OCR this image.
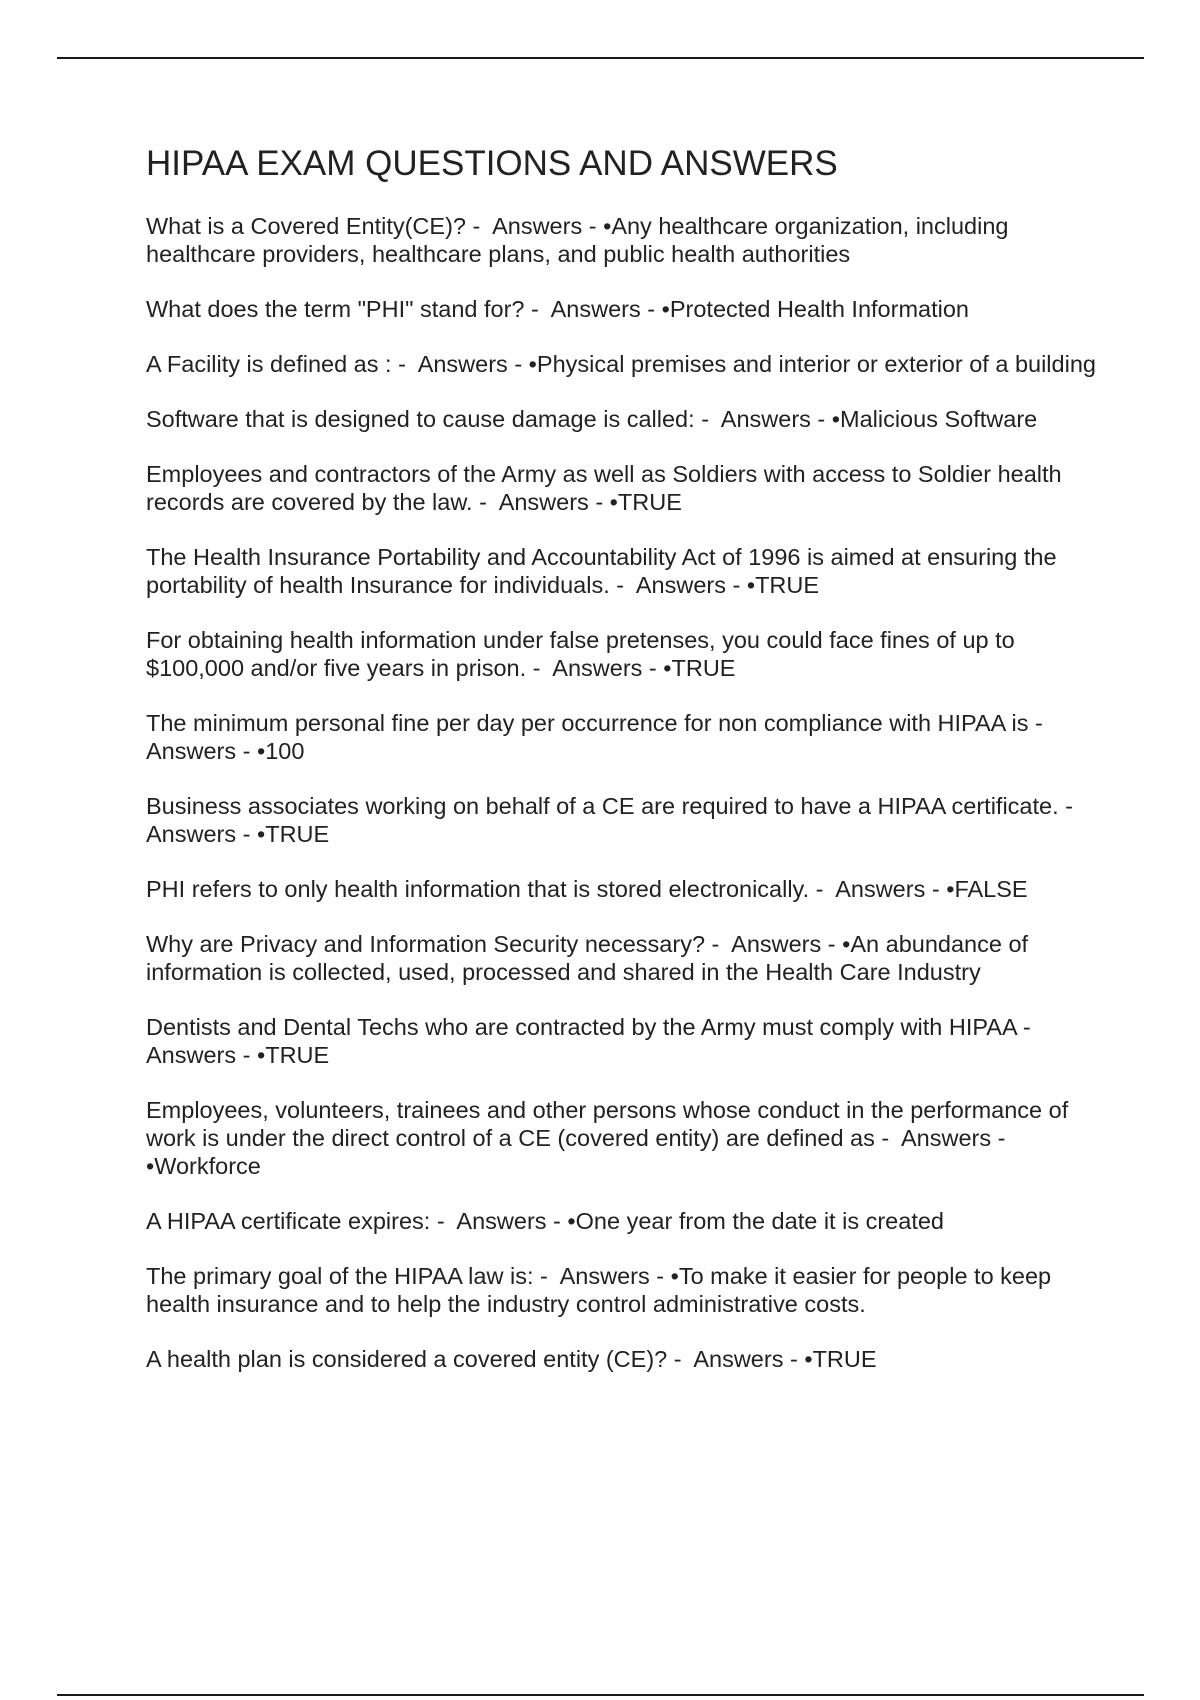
HIPAA EXAM QUESTIONS AND ANSWERS

What is a Covered Entity(CE)? - Answers - •Any healthcare organization, including healthcare providers, healthcare plans, and public health authorities

What does the term "PHI" stand for? - Answers - •Protected Health Information

A Facility is defined as : - Answers - •Physical premises and interior or exterior of a building

Software that is designed to cause damage is called: - Answers - •Malicious Software

Employees and contractors of the Army as well as Soldiers with access to Soldier health records are covered by the law. - Answers - •TRUE

The Health Insurance Portability and Accountability Act of 1996 is aimed at ensuring the portability of health Insurance for individuals. - Answers - •TRUE

For obtaining health information under false pretenses, you could face fines of up to $100,000 and/or five years in prison. - Answers - •TRUE

The minimum personal fine per day per occurrence for non compliance with HIPAA is - Answers - •100

Business associates working on behalf of a CE are required to have a HIPAA certificate. -  Answers - •TRUE

PHI refers to only health information that is stored electronically. - Answers - •FALSE

Why are Privacy and Information Security necessary? - Answers - •An abundance of information is collected, used, processed and shared in the Health Care Industry

Dentists and Dental Techs who are contracted by the Army must comply with HIPAA - Answers - •TRUE

Employees, volunteers, trainees and other persons whose conduct in the performance of work is under the direct control of a CE (covered entity) are defined as - Answers - •Workforce

A HIPAA certificate expires: - Answers - •One year from the date it is created

The primary goal of the HIPAA law is: - Answers - •To make it easier for people to keep health insurance and to help the industry control administrative costs.

A health plan is considered a covered entity (CE)? - Answers - •TRUE
